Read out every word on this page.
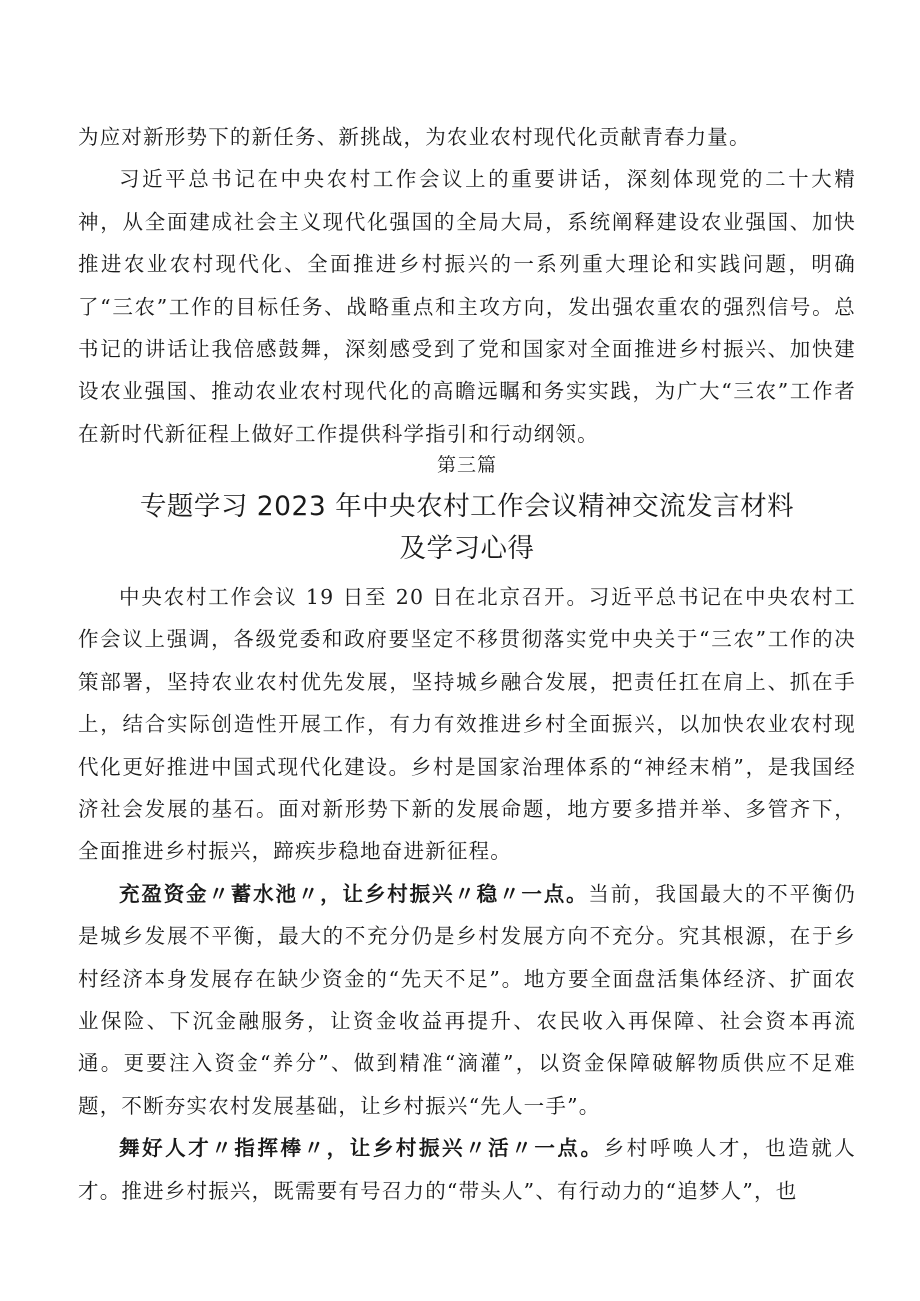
为应对新形势下的新任务、新挑战，为农业农村现代化贡献青春力量。
习近平总书记在中央农村工作会议上的重要讲话，深刻体现党的二十大精神，从全面建成社会主义现代化强国的全局大局，系统阐释建设农业强国、加快推进农业农村现代化、全面推进乡村振兴的一系列重大理论和实践问题，明确了“三农”工作的目标任务、战略重点和主攻方向，发出强农重农的强烈信号。总书记的讲话让我倍感鼓舞，深刻感受到了党和国家对全面推进乡村振兴、加快建设农业强国、推动农业农村现代化的高瞻远瞩和务实实践，为广大“三农”工作者在新时代新征程上做好工作提供科学指引和行动纲领。
第三篇
专题学习 2023 年中央农村工作会议精神交流发言材料
及学习心得
中央农村工作会议 19 日至 20 日在北京召开。习近平总书记在中央农村工作会议上强调，各级党委和政府要坚定不移贯彻落实党中央关于“三农”工作的决策部署，坚持农业农村优先发展，坚持城乡融合发展，把责任扛在肩上、抓在手上，结合实际创造性开展工作，有力有效推进乡村全面振兴，以加快农业农村现代化更好推进中国式现代化建设。乡村是国家治理体系的“神经末梢”，是我国经济社会发展的基石。面对新形势下新的发展命题，地方要多措并举、多管齐下，全面推进乡村振兴，蹄疾步稳地奋进新征程。
充盈资金〃蓄水池〃，让乡村振兴〃稳〃一点。当前，我国最大的不平衡仍是城乡发展不平衡，最大的不充分仍是乡村发展方向不充分。究其根源，在于乡村经济本身发展存在缺少资金的“先天不足”。地方要全面盘活集体经济、扩面农业保险、下沉金融服务，让资金收益再提升、农民收入再保障、社会资本再流通。更要注入资金“养分”、做到精准“滴灌”，以资金保障破解物质供应不足难题，不断夯实农村发展基础，让乡村振兴“先人一手”。
舞好人才〃指挥棒〃，让乡村振兴〃活〃一点。乡村呼唤人才，也造就人才。推进乡村振兴，既需要有号召力的“带头人”、有行动力的“追梦人”，也
